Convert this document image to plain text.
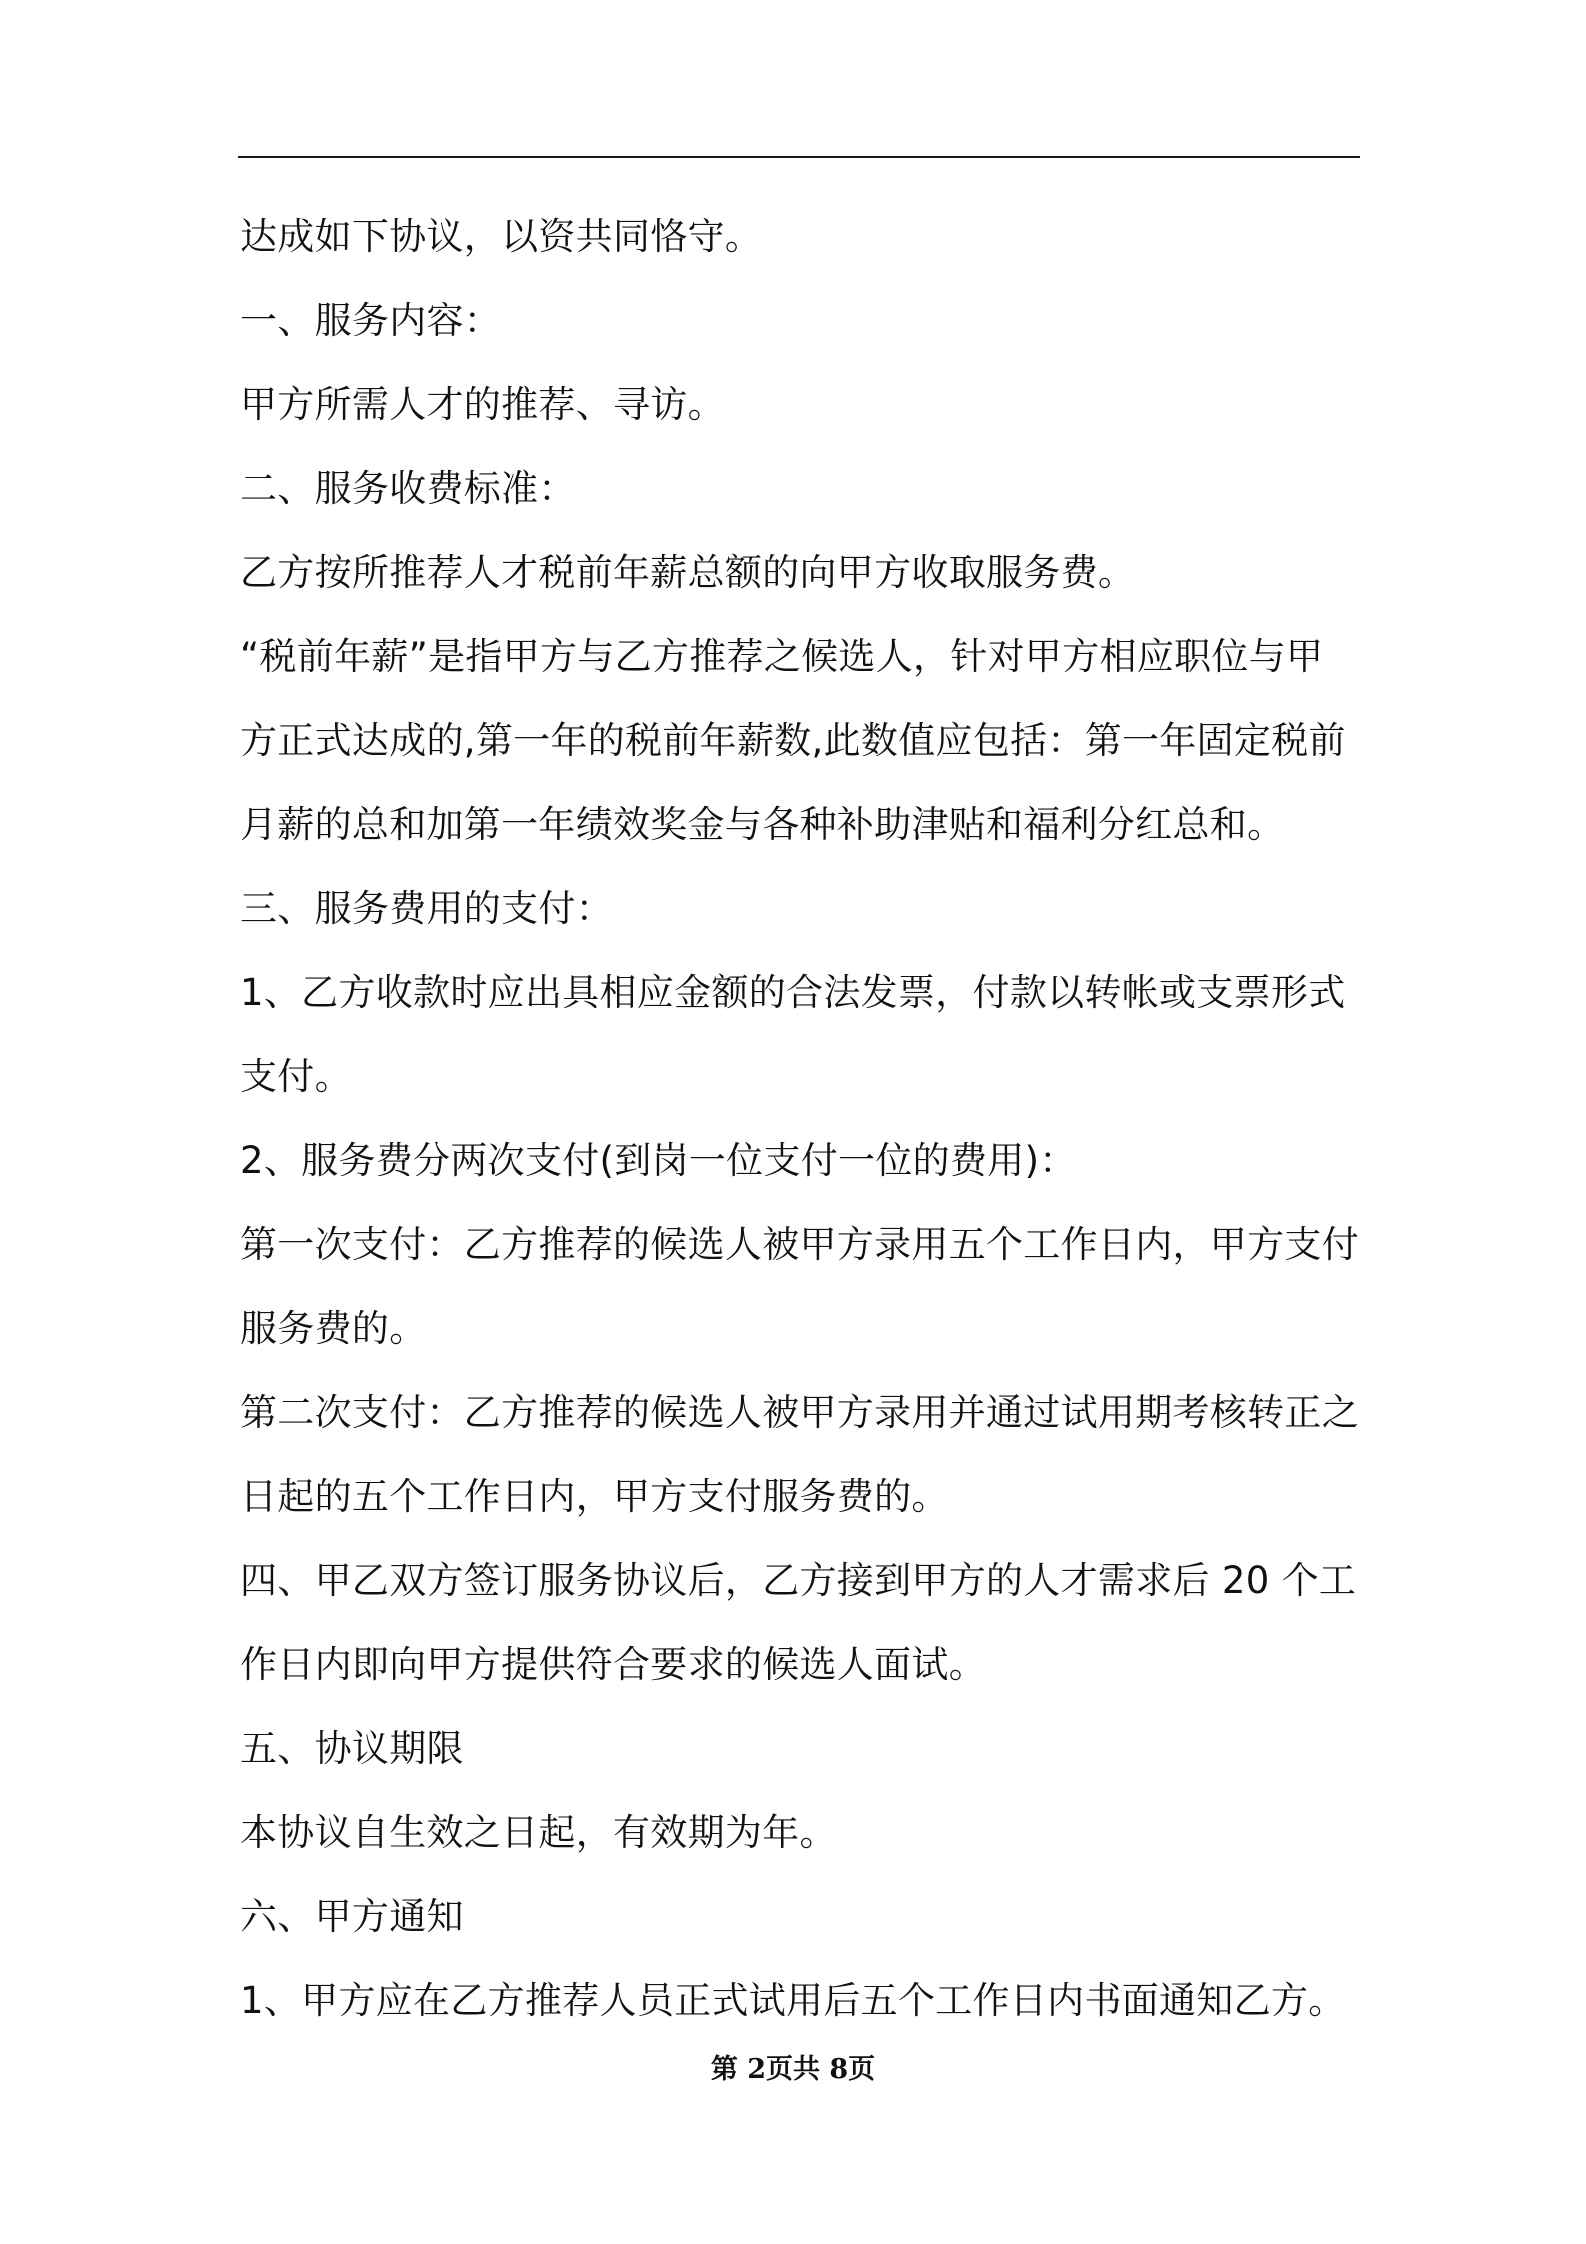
达成如下协议，以资共同恪守。
一、服务内容：
甲方所需人才的推荐、寻访。
二、服务收费标准：
乙方按所推荐人才税前年薪总额的向甲方收取服务费。
“税前年薪”是指甲方与乙方推荐之候选人，针对甲方相应职位与甲
方正式达成的,第一年的税前年薪数,此数值应包括：第一年固定税前
月薪的总和加第一年绩效奖金与各种补助津贴和福利分红总和。
三、服务费用的支付：
1、乙方收款时应出具相应金额的合法发票，付款以转帐或支票形式
支付。
2、服务费分两次支付(到岗一位支付一位的费用)：
第一次支付：乙方推荐的候选人被甲方录用五个工作日内，甲方支付
服务费的。
第二次支付：乙方推荐的候选人被甲方录用并通过试用期考核转正之
日起的五个工作日内，甲方支付服务费的。
四、甲乙双方签订服务协议后，乙方接到甲方的人才需求后 20 个工
作日内即向甲方提供符合要求的候选人面试。
五、协议期限
本协议自生效之日起，有效期为年。
六、甲方通知
1、甲方应在乙方推荐人员正式试用后五个工作日内书面通知乙方。
第 2页共 8页
